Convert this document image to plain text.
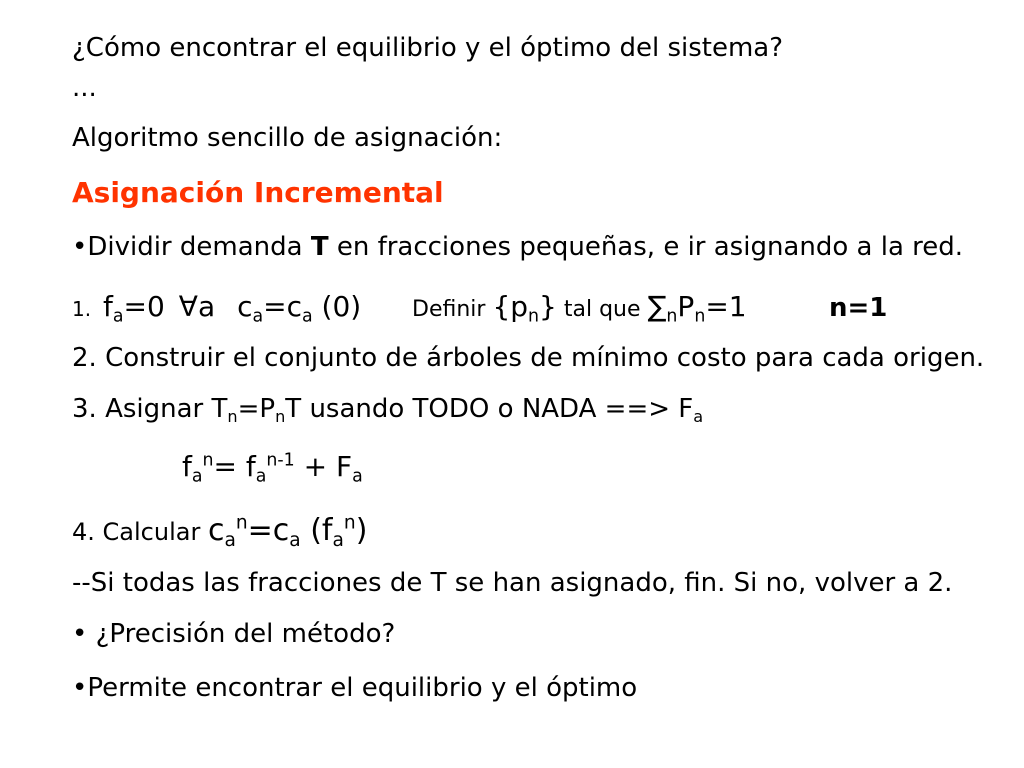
¿Cómo encontrar el equilibrio y el óptimo del sistema?
...
Algoritmo sencillo de asignación:
Asignación Incremental
•Dividir demanda T en fracciones pequeñas, e ir asignando a la red.
1. $f_a=0$ ∀a $c_a=c_a$ (0) Definir $\{p_n\}$ tal que $\sum_nP_n=1$	n=1
2. Construir el conjunto de árboles de mínimo costo para cada origen.
3. Asignar $T_n=P_nT$ usando TODO o NADA ==> $F_a$
$f_a^n= f_a^{n-1} + F_a$
4. Calcular $c_a^n=c_a$ $(f_a^n)$
--Si todas las fracciones de T se han asignado, fin. Si no, volver a 2.
• ¿Precisión del método?
•Permite encontrar el equilibrio y el óptimo
